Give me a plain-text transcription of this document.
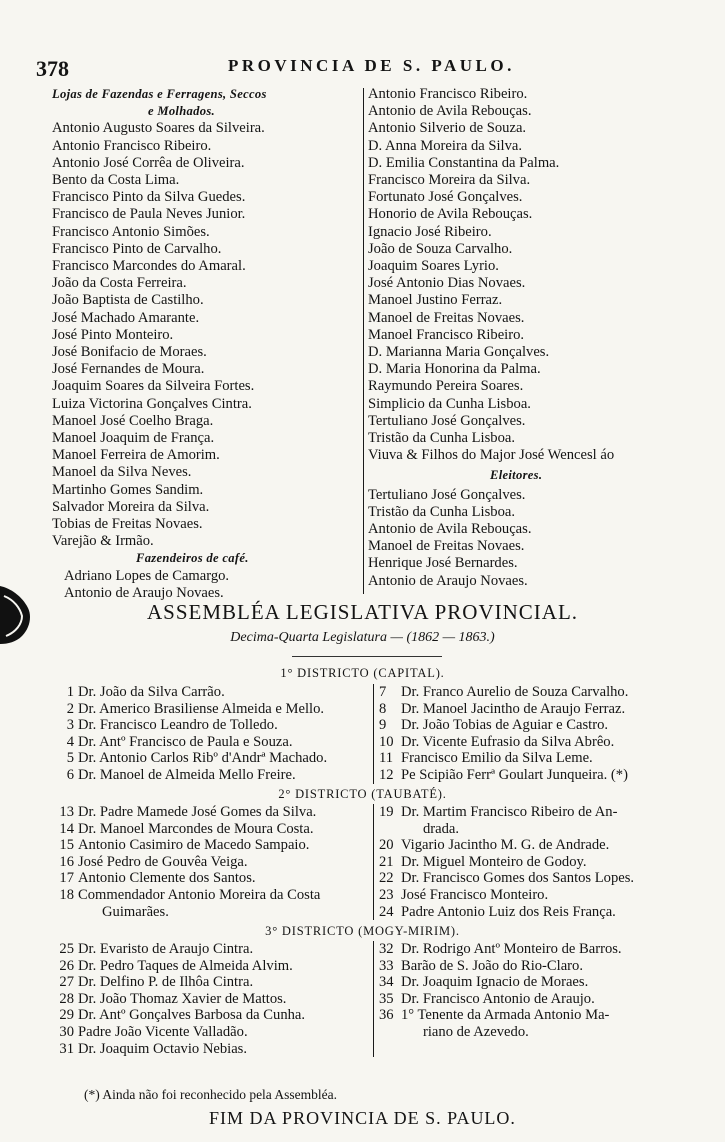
378	PROVINCIA DE S. PAULO.
Lojas de Fazendas e Ferragens, Seccos
e Molhados.
Antonio Augusto Soares da Silveira.
Antonio Francisco Ribeiro.
Antonio José Corrêa de Oliveira.
Bento da Costa Lima.
Francisco Pinto da Silva Guedes.
Francisco de Paula Neves Junior.
Francisco Antonio Simões.
Francisco Pinto de Carvalho.
Francisco Marcondes do Amaral.
João da Costa Ferreira.
João Baptista de Castilho.
José Machado Amarante.
José Pinto Monteiro.
José Bonifacio de Moraes.
José Fernandes de Moura.
Joaquim Soares da Silveira Fortes.
Luiza Victorina Gonçalves Cintra.
Manoel José Coelho Braga.
Manoel Joaquim de França.
Manoel Ferreira de Amorim.
Manoel da Silva Neves.
Martinho Gomes Sandim.
Salvador Moreira da Silva.
Tobias de Freitas Novaes.
Varejão & Irmão.
Fazendeiros de café.
Adriano Lopes de Camargo.
Antonio de Araujo Novaes.
Antonio Francisco Ribeiro.
Antonio de Avila Rebouças.
Antonio Silverio de Souza.
D. Anna Moreira da Silva.
D. Emilia Constantina da Palma.
Francisco Moreira da Silva.
Fortunato José Gonçalves.
Honorio de Avila Rebouças.
Ignacio José Ribeiro.
João de Souza Carvalho.
Joaquim Soares Lyrio.
José Antonio Dias Novaes.
Manoel Justino Ferraz.
Manoel de Freitas Novaes.
Manoel Francisco Ribeiro.
D. Marianna Maria Gonçalves.
D. Maria Honorina da Palma.
Raymundo Pereira Soares.
Simplicio da Cunha Lisboa.
Tertuliano José Gonçalves.
Tristão da Cunha Lisboa.
Viuva & Filhos do Major José Wencesl áo
Eleitores.
Tertuliano José Gonçalves.
Tristão da Cunha Lisboa.
Antonio de Avila Rebouças.
Manoel de Freitas Novaes.
Henrique José Bernardes.
Antonio de Araujo Novaes.
ASSEMBLÉA LEGISLATIVA PROVINCIAL.
Decima-Quarta Legislatura — (1862 — 1863.)
1° DISTRICTO (CAPITAL).
1 Dr. João da Silva Carrão.
2 Dr. Americo Brasiliense Almeida e Mello.
3 Dr. Francisco Leandro de Tolledo.
4 Dr. Antº Francisco de Paula e Souza.
5 Dr. Antonio Carlos Ribº d'Andrª Machado.
6 Dr. Manoel de Almeida Mello Freire.
7 Dr. Franco Aurelio de Souza Carvalho.
8 Dr. Manoel Jacintho de Araujo Ferraz.
9 Dr. João Tobias de Aguiar e Castro.
10 Dr. Vicente Eufrasio da Silva Abrêo.
11 Francisco Emilio da Silva Leme.
12 Pe Scipião Ferrª Goulart Junqueira. (*)
2° DISTRICTO (TAUBATÉ).
13 Dr. Padre Mamede José Gomes da Silva.
14 Dr. Manoel Marcondes de Moura Costa.
15 Antonio Casimiro de Macedo Sampaio.
16 José Pedro de Gouvêa Veiga.
17 Antonio Clemente dos Santos.
18 Commendador Antonio Moreira da Costa
Guimarães.
19 Dr. Martim Francisco Ribeiro de An-
drada.
20 Vigario Jacintho M. G. de Andrade.
21 Dr. Miguel Monteiro de Godoy.
22 Dr. Francisco Gomes dos Santos Lopes.
23 José Francisco Monteiro.
24 Padre Antonio Luiz dos Reis França.
3° DISTRICTO (MOGY-MIRIM).
25 Dr. Evaristo de Araujo Cintra.
26 Dr. Pedro Taques de Almeida Alvim.
27 Dr. Delfino P. de Ilhôa Cintra.
28 Dr. João Thomaz Xavier de Mattos.
29 Dr. Antº Gonçalves Barbosa da Cunha.
30 Padre João Vicente Valladão.
31 Dr. Joaquim Octavio Nebias.
32 Dr. Rodrigo Antº Monteiro de Barros.
33 Barão de S. João do Rio-Claro.
34 Dr. Joaquim Ignacio de Moraes.
35 Dr. Francisco Antonio de Araujo.
36 1° Tenente da Armada Antonio Ma-
riano de Azevedo.
(*) Ainda não foi reconhecido pela Assembléa.
FIM DA PROVINCIA DE S. PAULO.
